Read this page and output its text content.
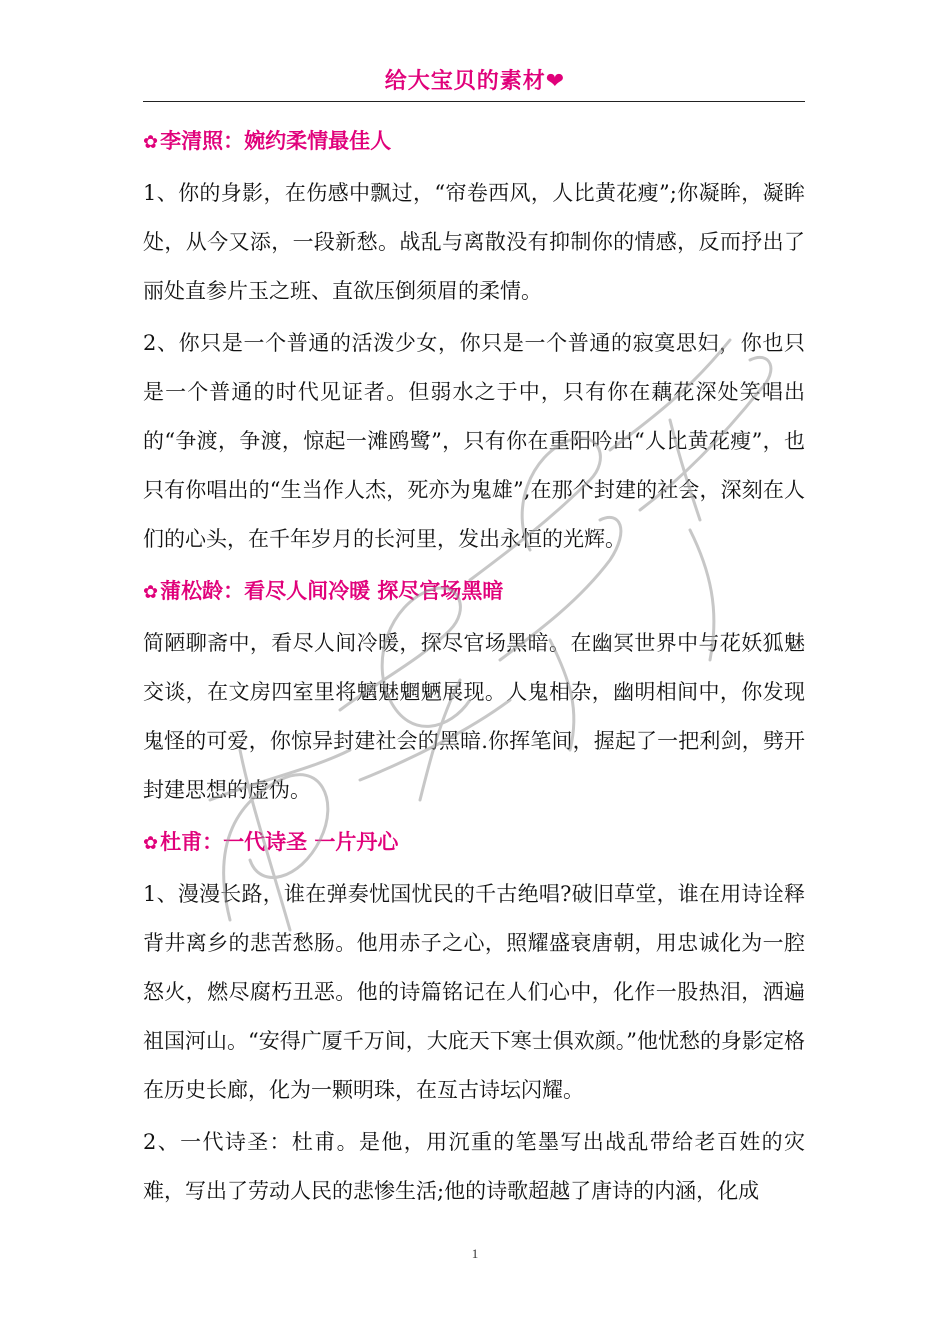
给大宝贝的素材❤
✿李清照：婉约柔情最佳人

1、你的身影，在伤感中飘过，“帘卷西风，人比黄花瘦”;你凝眸，凝眸处，从今又添，一段新愁。战乱与离散没有抑制你的情感，反而抒出了丽处直参片玉之班、直欲压倒须眉的柔情。

2、你只是一个普通的活泼少女，你只是一个普通的寂寞思妇，你也只是一个普通的时代见证者。但弱水之于中，只有你在藕花深处笑唱出的“争渡，争渡，惊起一滩鸥鹭”，只有你在重阳吟出“人比黄花瘦”，也只有你唱出的“生当作人杰，死亦为鬼雄”,在那个封建的社会，深刻在人们的心头，在千年岁月的长河里，发出永恒的光辉。

✿蒲松龄：看尽人间冷暖 探尽官场黑暗

简陋聊斋中，看尽人间冷暖，探尽官场黑暗。在幽冥世界中与花妖狐魅交谈，在文房四室里将魑魅魍魉展现。人鬼相杂，幽明相间中，你发现鬼怪的可爱，你惊异封建社会的黑暗.你挥笔间，握起了一把利剑，劈开封建思想的虚伪。

✿杜甫：一代诗圣 一片丹心

1、漫漫长路，谁在弹奏忧国忧民的千古绝唱?破旧草堂，谁在用诗诠释背井离乡的悲苦愁肠。他用赤子之心，照耀盛衰唐朝，用忠诚化为一腔怒火，燃尽腐朽丑恶。他的诗篇铭记在人们心中，化作一股热泪，洒遍祖国河山。“安得广厦千万间，大庇天下寒士俱欢颜。”他忧愁的身影定格在历史长廊，化为一颗明珠，在亙古诗坛闪耀。

2、一代诗圣：杜甫。是他，用沉重的笔墨写出战乱带给老百姓的灾难，写出了劳动人民的悲惨生活;他的诗歌超越了唐诗的内涵，化成

1
